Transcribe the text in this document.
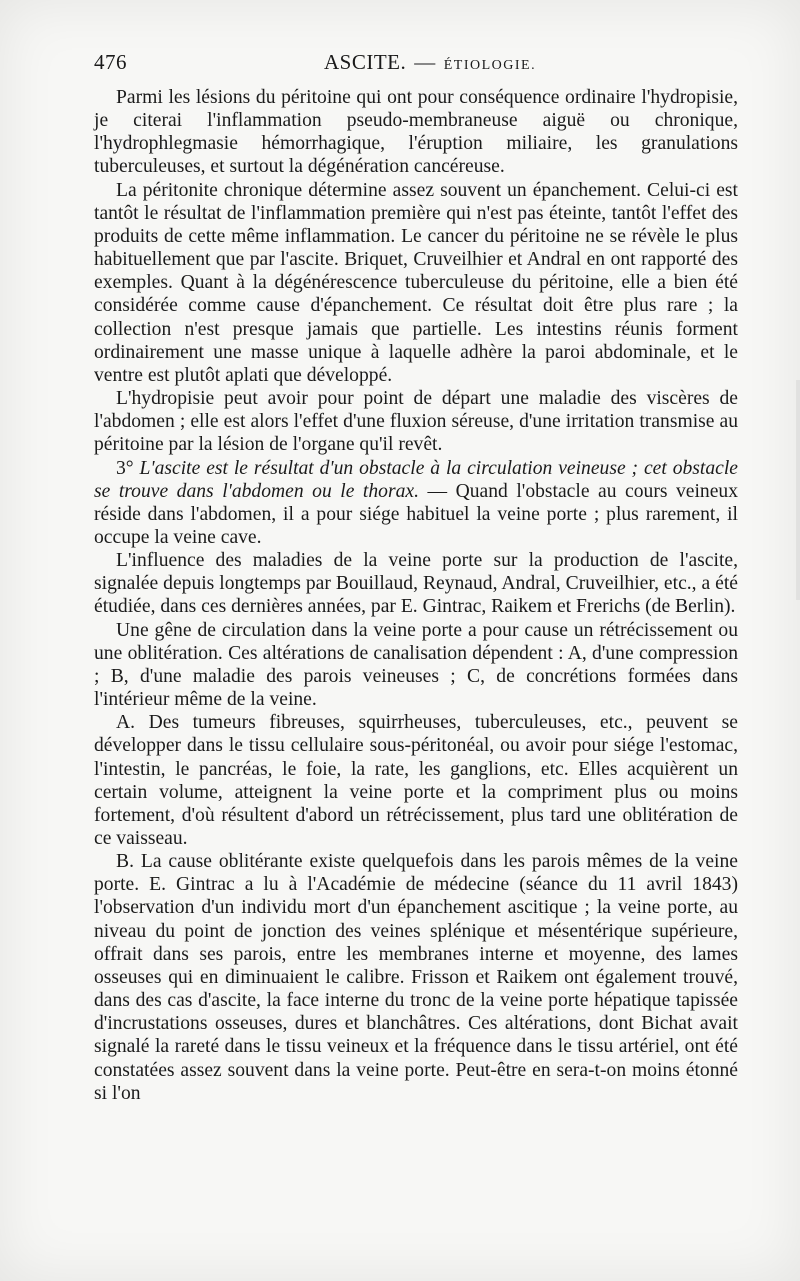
476	ASCITE. — ÉTIOLOGIE.

Parmi les lésions du péritoine qui ont pour conséquence ordinaire l'hydropisie, je citerai l'inflammation pseudo-membraneuse aiguë ou chronique, l'hydrophlegmasie hémorrhagique, l'éruption miliaire, les granulations tuberculeuses, et surtout la dégénération cancéreuse.

La péritonite chronique détermine assez souvent un épanchement. Celui-ci est tantôt le résultat de l'inflammation première qui n'est pas éteinte, tantôt l'effet des produits de cette même inflammation. Le cancer du péritoine ne se révèle le plus habituellement que par l'ascite. Briquet, Cruveilhier et Andral en ont rapporté des exemples. Quant à la dégénérescence tuberculeuse du péritoine, elle a bien été considérée comme cause d'épanchement. Ce résultat doit être plus rare ; la collection n'est presque jamais que partielle. Les intestins réunis forment ordinairement une masse unique à laquelle adhère la paroi abdominale, et le ventre est plutôt aplati que développé.

L'hydropisie peut avoir pour point de départ une maladie des viscères de l'abdomen ; elle est alors l'effet d'une fluxion séreuse, d'une irritation transmise au péritoine par la lésion de l'organe qu'il revêt.

3° L'ascite est le résultat d'un obstacle à la circulation veineuse ; cet obstacle se trouve dans l'abdomen ou le thorax. — Quand l'obstacle au cours veineux réside dans l'abdomen, il a pour siége habituel la veine porte ; plus rarement, il occupe la veine cave.

L'influence des maladies de la veine porte sur la production de l'ascite, signalée depuis longtemps par Bouillaud, Reynaud, Andral, Cruveilhier, etc., a été étudiée, dans ces dernières années, par E. Gintrac, Raikem et Frerichs (de Berlin).

Une gêne de circulation dans la veine porte a pour cause un rétrécissement ou une oblitération. Ces altérations de canalisation dépendent : A, d'une compression ; B, d'une maladie des parois veineuses ; C, de concrétions formées dans l'intérieur même de la veine.

A. Des tumeurs fibreuses, squirrheuses, tuberculeuses, etc., peuvent se développer dans le tissu cellulaire sous-péritonéal, ou avoir pour siége l'estomac, l'intestin, le pancréas, le foie, la rate, les ganglions, etc. Elles acquièrent un certain volume, atteignent la veine porte et la compriment plus ou moins fortement, d'où résultent d'abord un rétrécissement, plus tard une oblitération de ce vaisseau.

B. La cause oblitérante existe quelquefois dans les parois mêmes de la veine porte. E. Gintrac a lu à l'Académie de médecine (séance du 11 avril 1843) l'observation d'un individu mort d'un épanchement ascitique ; la veine porte, au niveau du point de jonction des veines splénique et mésentérique supérieure, offrait dans ses parois, entre les membranes interne et moyenne, des lames osseuses qui en diminuaient le calibre. Frisson et Raikem ont également trouvé, dans des cas d'ascite, la face interne du tronc de la veine porte hépatique tapissée d'incrustations osseuses, dures et blanchâtres. Ces altérations, dont Bichat avait signalé la rareté dans le tissu veineux et la fréquence dans le tissu artériel, ont été constatées assez souvent dans la veine porte. Peut-être en sera-t-on moins étonné si l'on
